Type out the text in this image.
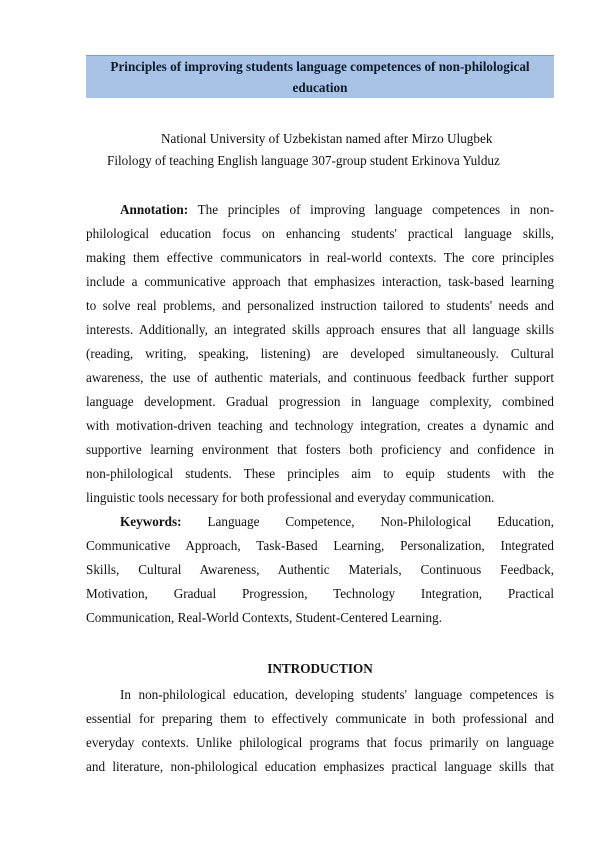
Principles of improving students language competences of non-philological
education
National University of Uzbekistan named after Mirzo Ulugbek
Filology of teaching English language 307-group student Erkinova Yulduz
Annotation: The principles of improving language competences in non-
philological education focus on enhancing students' practical language skills,
making them effective communicators in real-world contexts. The core principles
include a communicative approach that emphasizes interaction, task-based learning
to solve real problems, and personalized instruction tailored to students' needs and
interests. Additionally, an integrated skills approach ensures that all language skills
(reading, writing, speaking, listening) are developed simultaneously. Cultural
awareness, the use of authentic materials, and continuous feedback further support
language development. Gradual progression in language complexity, combined
with motivation-driven teaching and technology integration, creates a dynamic and
supportive learning environment that fosters both proficiency and confidence in
non-philological students. These principles aim to equip students with the
linguistic tools necessary for both professional and everyday communication.
Keywords: Language Competence, Non-Philological Education,
Communicative Approach, Task-Based Learning, Personalization, Integrated
Skills, Cultural Awareness, Authentic Materials, Continuous Feedback,
Motivation, Gradual Progression, Technology Integration, Practical
Communication, Real-World Contexts, Student-Centered Learning.
INTRODUCTION
In non-philological education, developing students' language competences is
essential for preparing them to effectively communicate in both professional and
everyday contexts. Unlike philological programs that focus primarily on language
and literature, non-philological education emphasizes practical language skills that
